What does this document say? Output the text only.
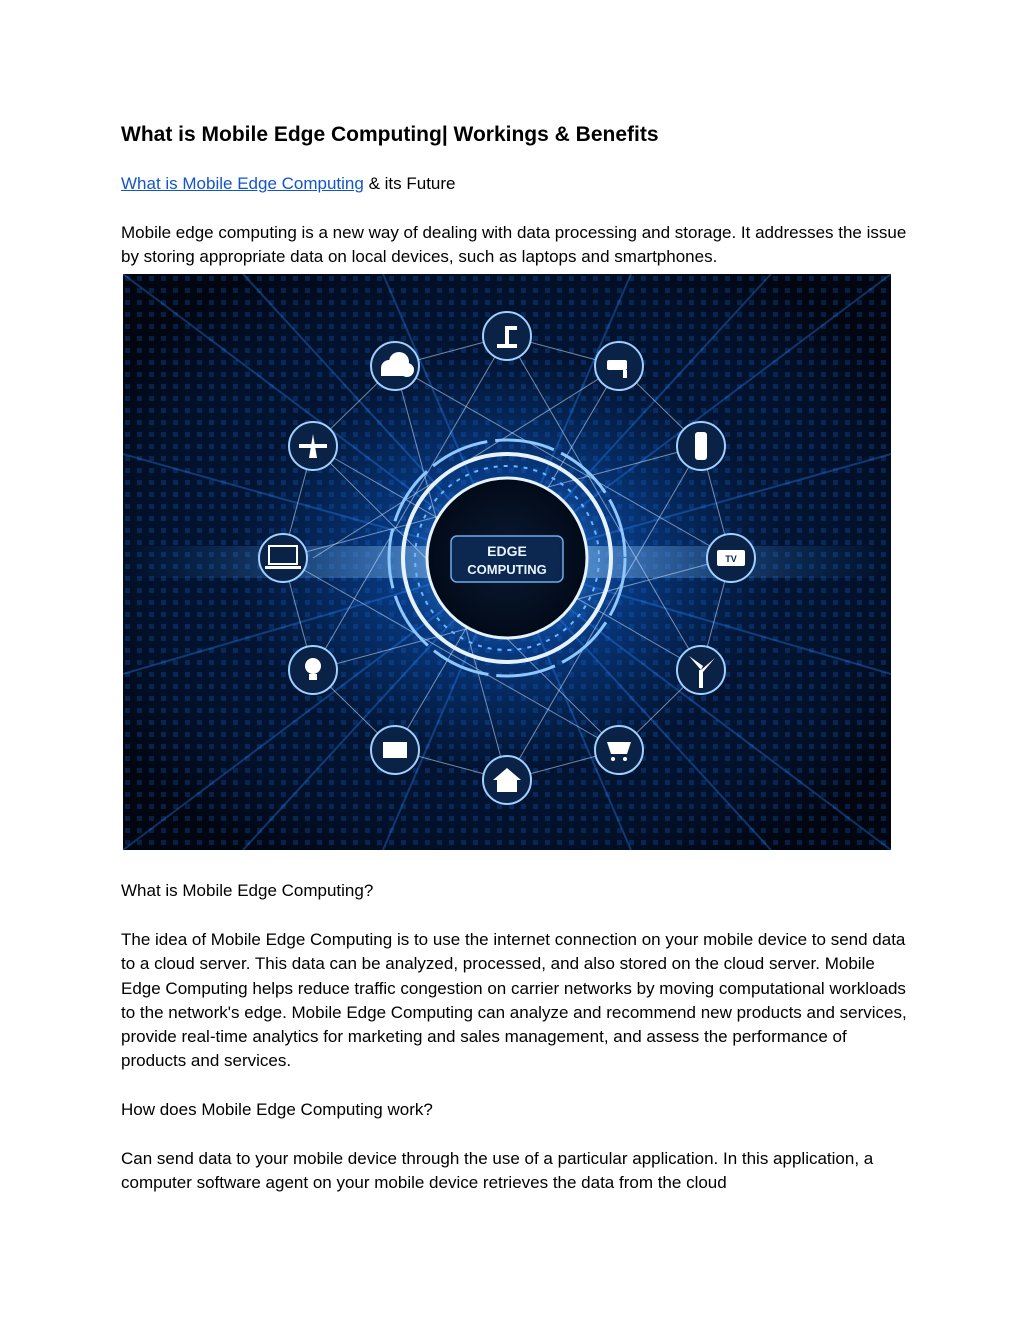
What is Mobile Edge Computing| Workings & Benefits

What is Mobile Edge Computing & its Future

Mobile edge computing is a new way of dealing with data processing and storage. It addresses the issue by storing appropriate data on local devices, such as laptops and smartphones.

EDGE
COMPUTING
TV

What is Mobile Edge Computing?

The idea of Mobile Edge Computing is to use the internet connection on your mobile device to send data to a cloud server. This data can be analyzed, processed, and also stored on the cloud server. Mobile Edge Computing helps reduce traffic congestion on carrier networks by moving computational workloads to the network's edge. Mobile Edge Computing can analyze and recommend new products and services, provide real-time analytics for marketing and sales management, and assess the performance of products and services.

How does Mobile Edge Computing work?

Can send data to your mobile device through the use of a particular application. In this application, a computer software agent on your mobile device retrieves the data from the cloud
